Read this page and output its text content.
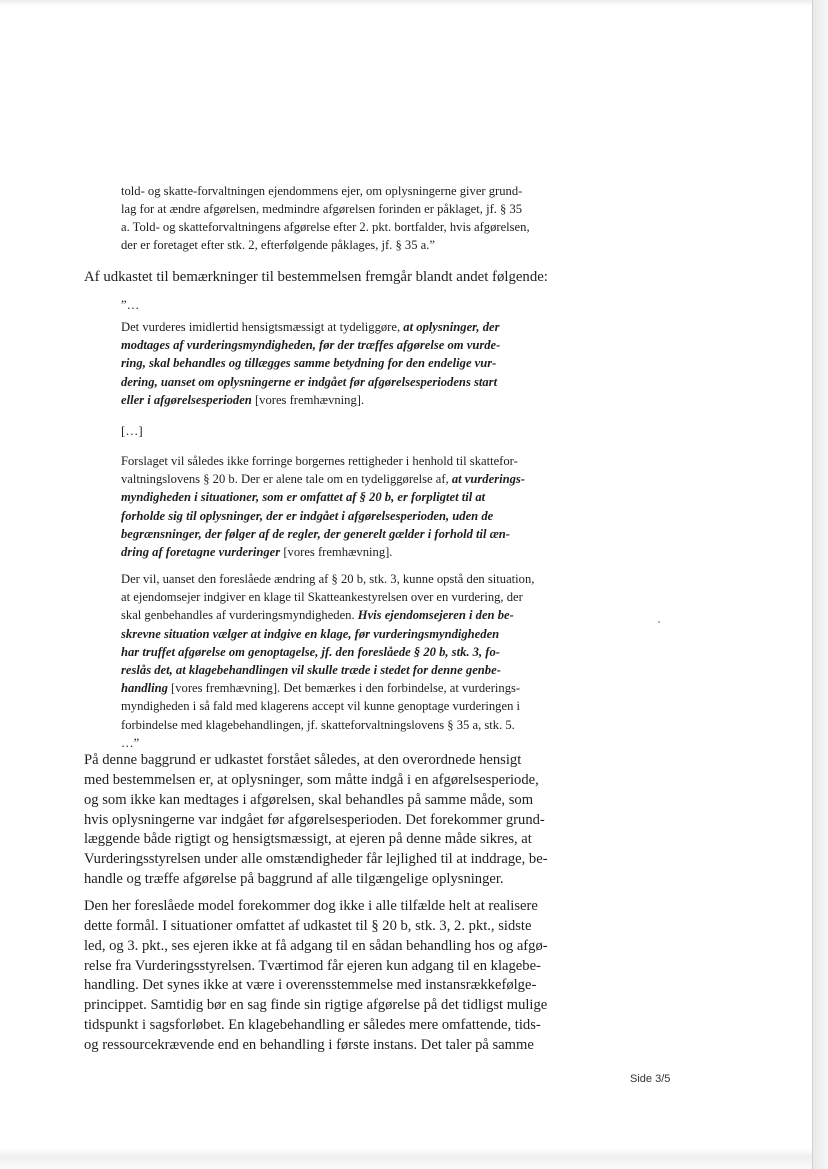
told- og skatte-forvaltningen ejendommens ejer, om oplysningerne giver grund-
lag for at ændre afgørelsen, medmindre afgørelsen forinden er påklaget, jf. § 35
a. Told- og skatteforvaltningens afgørelse efter 2. pkt. bortfalder, hvis afgørelsen,
der er foretaget efter stk. 2, efterfølgende påklages, jf. § 35 a.”

Af udkastet til bemærkninger til bestemmelsen fremgår blandt andet følgende:

”…

Det vurderes imidlertid hensigtsmæssigt at tydeliggøre, at oplysninger, der
modtages af vurderingsmyndigheden, før der træffes afgørelse om vurde-
ring, skal behandles og tillægges samme betydning for den endelige vur-
dering, uanset om oplysningerne er indgået før afgørelsesperiodens start
eller i afgørelsesperioden [vores fremhævning].

[…]

Forslaget vil således ikke forringe borgernes rettigheder i henhold til skattefor-
valtningslovens § 20 b. Der er alene tale om en tydeliggørelse af, at vurderings-
myndigheden i situationer, som er omfattet af § 20 b, er forpligtet til at
forholde sig til oplysninger, der er indgået i afgørelsesperioden, uden de
begrænsninger, der følger af de regler, der generelt gælder i forhold til æn-
dring af foretagne vurderinger [vores fremhævning].
Der vil, uanset den foreslåede ændring af § 20 b, stk. 3, kunne opstå den situation,
at ejendomsejer indgiver en klage til Skatteankestyrelsen over en vurdering, der
skal genbehandles af vurderingsmyndigheden. Hvis ejendomsejeren i den be-
skrevne situation vælger at indgive en klage, før vurderingsmyndigheden
har truffet afgørelse om genoptagelse, jf. den foreslåede § 20 b, stk. 3, fo-
reslås det, at klagebehandlingen vil skulle træde i stedet for denne genbe-
handling [vores fremhævning]. Det bemærkes i den forbindelse, at vurderings-
myndigheden i så fald med klagerens accept vil kunne genoptage vurderingen i
forbindelse med klagebehandlingen, jf. skatteforvaltningslovens § 35 a, stk. 5.
…”
På denne baggrund er udkastet forstået således, at den overordnede hensigt
med bestemmelsen er, at oplysninger, som måtte indgå i en afgørelsesperiode,
og som ikke kan medtages i afgørelsen, skal behandles på samme måde, som
hvis oplysningerne var indgået før afgørelsesperioden. Det forekommer grund-
læggende både rigtigt og hensigtsmæssigt, at ejeren på denne måde sikres, at
Vurderingsstyrelsen under alle omstændigheder får lejlighed til at inddrage, be-
handle og træffe afgørelse på baggrund af alle tilgængelige oplysninger.
Den her foreslåede model forekommer dog ikke i alle tilfælde helt at realisere
dette formål. I situationer omfattet af udkastet til § 20 b, stk. 3, 2. pkt., sidste
led, og 3. pkt., ses ejeren ikke at få adgang til en sådan behandling hos og afgø-
relse fra Vurderingsstyrelsen. Tværtimod får ejeren kun adgang til en klagebe-
handling. Det synes ikke at være i overensstemmelse med instansrækkefølge-
princippet. Samtidig bør en sag finde sin rigtige afgørelse på det tidligst mulige
tidspunkt i sagsforløbet. En klagebehandling er således mere omfattende, tids-
og ressourcekrævende end en behandling i første instans. Det taler på samme
Side 3/5
